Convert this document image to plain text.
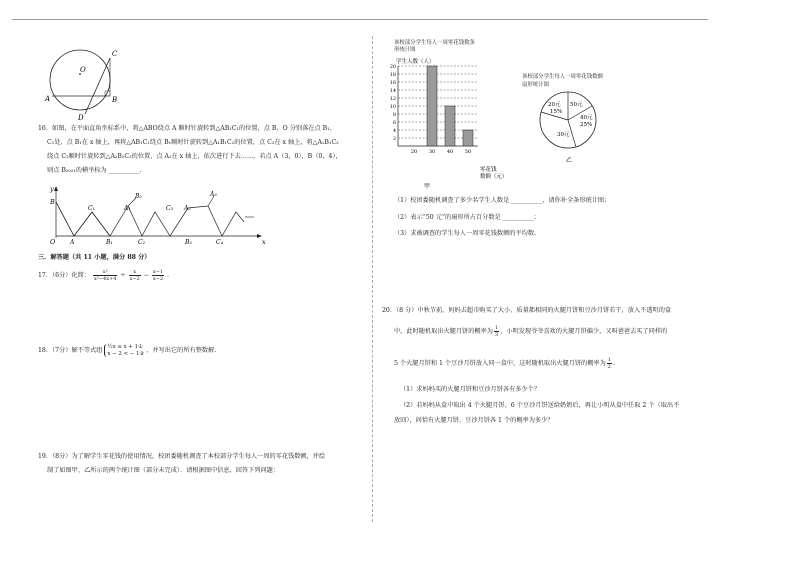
C
O
A	B
D
16．如图，在平面直角坐标系中，将△ABO绕点 A 顺时针旋转到△AB₁C₁的位置，点 B、O 分别落在点 B₁、
C₁处，点 B₁在 x 轴上，再将△AB₁C₁绕点 B₁顺时针旋转到△A₁B₁C₂的位置，点 C₂在 x 轴上，将△A₁B₁C₂
绕点 C₂顺时针旋转到△A₂B₂C₂的位置，点 A₂在 x 轴上，依次进行下去……，若点 A（3，0），B（0，4），
则点 B₂₀₂₁的横坐标为 __________.
y
B
C₁
B₁
A₁
B₂
C₂
A₂
C₃
B₃
A₃
A	C₄
O	x
三．解答题（共 11 小题，满分 88 分）
17．（6分）化简： $\frac{\text{x²}}{\text{x²−4x+4}} \div \frac{x}{x-2} - \frac{x-1}{x-2}$ .
18．（7分）解不等式组 ½x ≤ x + 1①
x − 2 < − 1② ，并写出它的所有整数解.
19．（8分）为了解学生零花钱的使用情况，校团委随机调查了本校部分学生每人一周的零花钱数额，并绘
制了如图甲、乙所示的两个统计图（部分未完成）．请根据图中信息，回答下列问题：
该校部分学生每人一周零花钱数条
形统计图
学生人数（人）
2
4
6
8
10
12
14
16
18
20
20 30 40 50
零花钱
数额（元）
甲
该校部分学生每人一周零花钱数额
扇形统计图
20元
15%
50元
40元
25%
30元
乙
（1）校团委随机调查了多少名学生人数是 __________，请你补全条形统计图；
（2）表示“50 元”的扇形所占百分数是 __________；
（3）求被调查的学生每人一周零花钱数额的平均数.
20．（8 分）中秋节前，妈妈去超市购买了大小、质量都相同的火腿月饼和豆沙月饼若干，放入不透明的盒
中，此时随机取出火腿月饼的概率为 $\frac{1}{3}$ ，小明发现爷爷喜欢的火腿月饼偏少，又叫爸爸去买了同样的
5 个火腿月饼和 1 个豆沙月饼放入同一盒中，这时随机取出火腿月饼的概率为 $\frac{1}{2}$ .
（1）求妈妈买的火腿月饼和豆沙月饼各有多少个？
（2）若妈妈从盒中取出 4 个火腿月饼、6 个豆沙月饼送给奶奶后，再让小明从盒中任取 2 个（取出不
放回），问恰有火腿月饼、豆沙月饼各 1 个的概率为多少？
